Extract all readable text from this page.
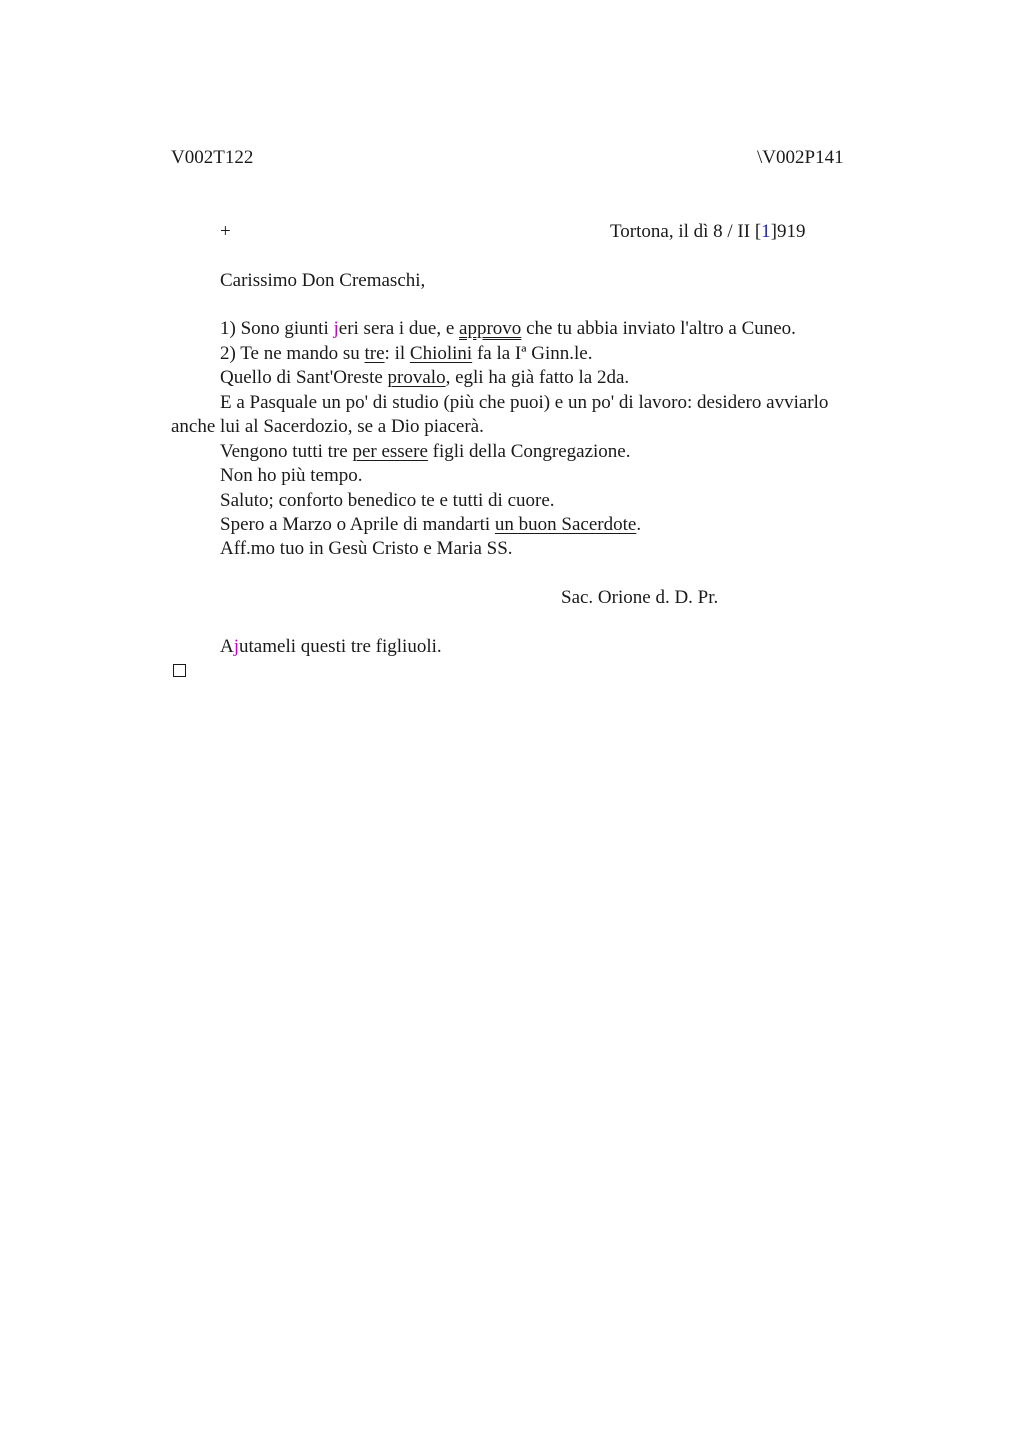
V002T122	\V002P141
+	Tortona, il dì 8 / II [1]919
Carissimo Don Cremaschi,
1) Sono giunti jeri sera i due, e approvo che tu abbia inviato l'altro a Cuneo.
2) Te ne mando su tre: il Chiolini fa la Iª Ginn.le.
Quello di Sant'Oreste provalo, egli ha già fatto la 2da.
E a Pasquale un po' di studio (più che puoi) e un po' di lavoro: desidero avviarlo
anche lui al Sacerdozio, se a Dio piacerà.
Vengono tutti tre per essere figli della Congregazione.
Non ho più tempo.
Saluto; conforto benedico te e tutti di cuore.
Spero a Marzo o Aprile di mandarti un buon Sacerdote.
Aff.mo tuo in Gesù Cristo e Maria SS.
Sac. Orione d. D. Pr.
Ajutameli questi tre figliuoli.
